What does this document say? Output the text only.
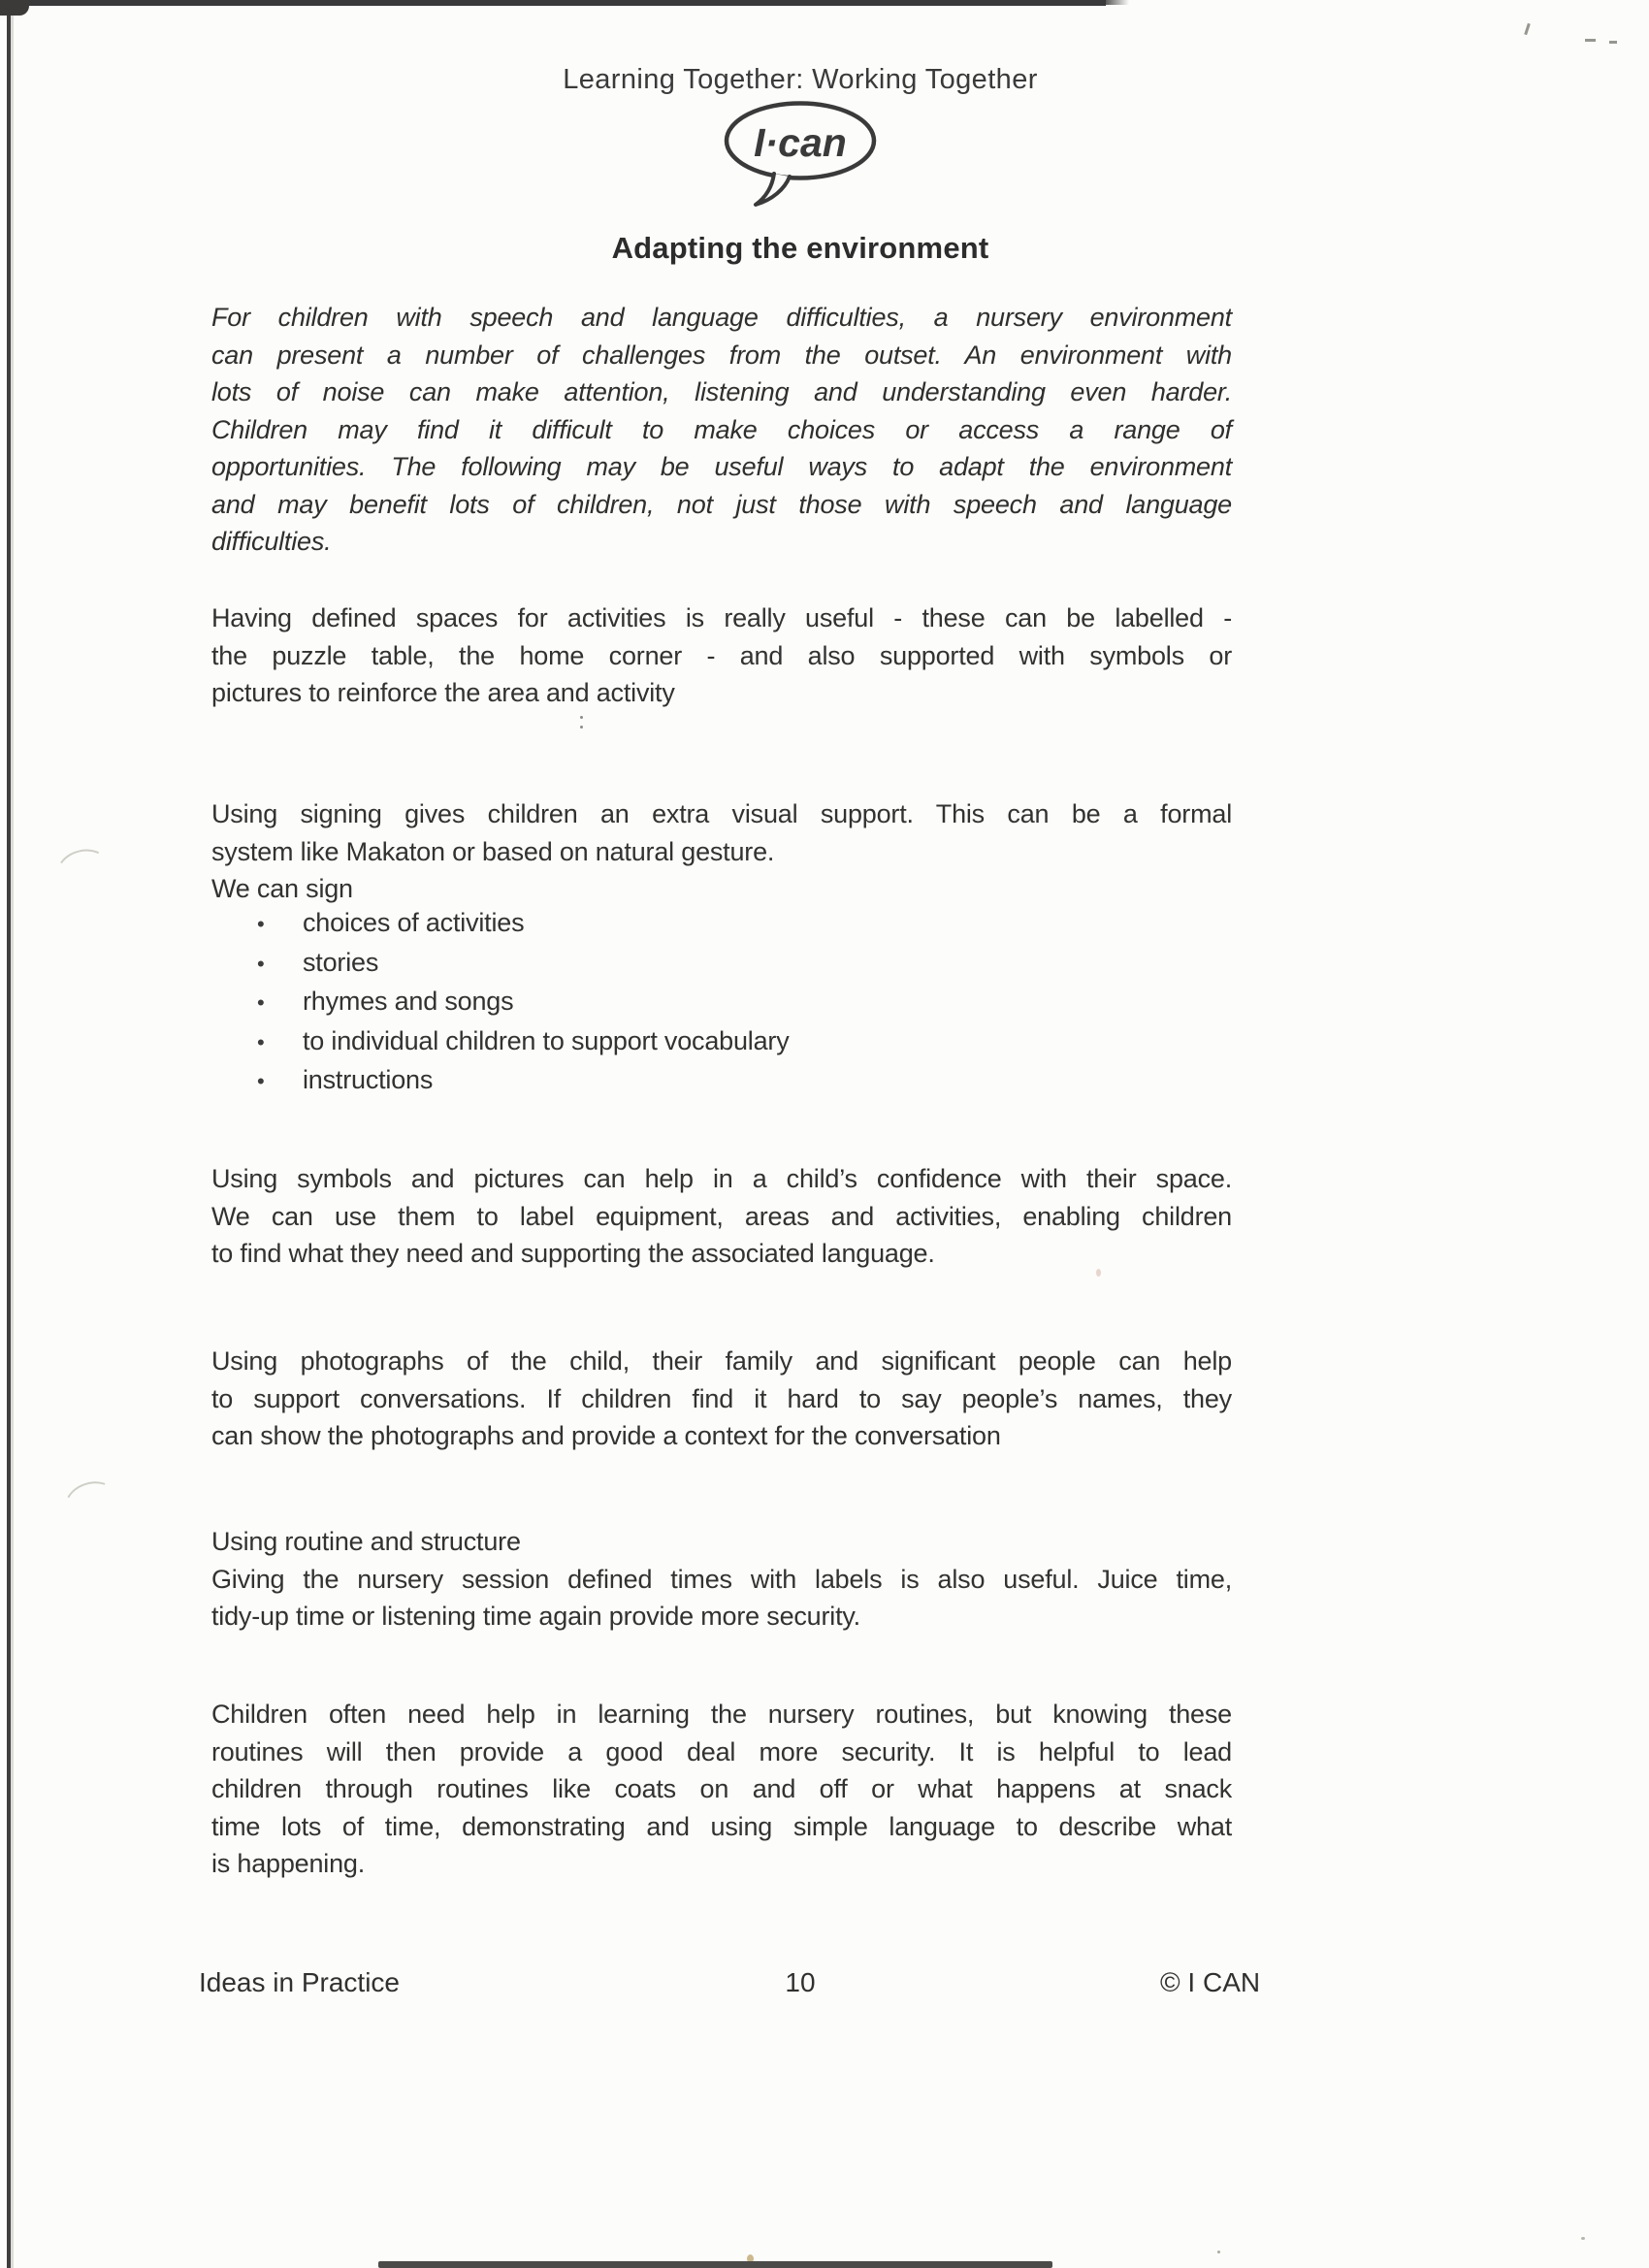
Learning Together: Working Together
I·can
Adapting the environment
For children with speech and language difficulties, a nursery environment
can present a number of challenges from the outset. An environment with
lots of noise can make attention, listening and understanding even harder.
Children may find it difficult to make choices or access a range of
opportunities. The following may be useful ways to adapt the environment
and may benefit lots of children, not just those with speech and language
difficulties.
Having defined spaces for activities is really useful - these can be labelled -
the puzzle table, the home corner - and also supported with symbols or
pictures to reinforce the area and activity
Using signing gives children an extra visual support. This can be a formal
system like Makaton or based on natural gesture.
We can sign
•	choices of activities
•	stories
•	rhymes and songs
•	to individual children to support vocabulary
•	instructions
Using symbols and pictures can help in a child’s confidence with their space.
We can use them to label equipment, areas and activities, enabling children
to find what they need and supporting the associated language.
Using photographs of the child, their family and significant people can help
to support conversations. If children find it hard to say people’s names, they
can show the photographs and provide a context for the conversation
Using routine and structure
Giving the nursery session defined times with labels is also useful. Juice time,
tidy-up time or listening time again provide more security.
Children often need help in learning the nursery routines, but knowing these
routines will then provide a good deal more security. It is helpful to lead
children through routines like coats on and off or what happens at snack
time lots of time, demonstrating and using simple language to describe what
is happening.
Ideas in Practice	10	© I CAN
